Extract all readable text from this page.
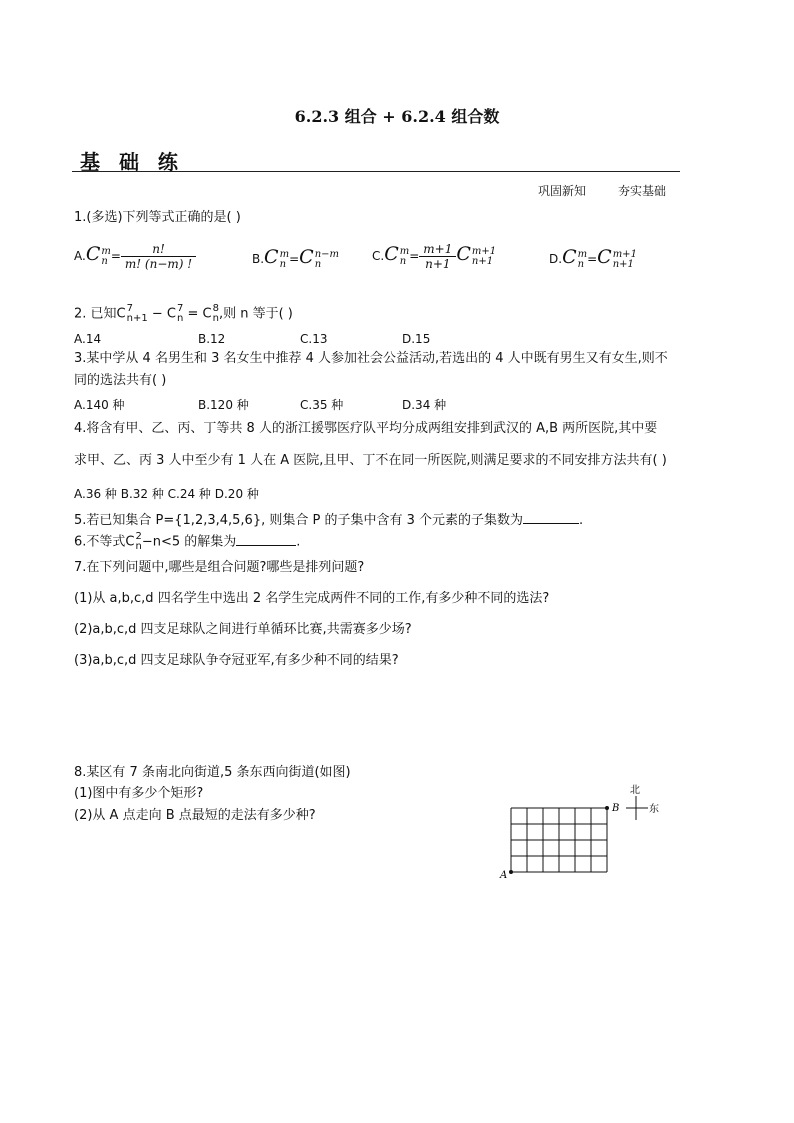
6.2.3 组合 + 6.2.4 组合数
基 础 练
巩固新知	夯实基础
1.(多选)下列等式正确的是( )
A.C m
$n = \frac{n!}{m! (n-m) !}$	B.C m
n =C n−m
n
C.C m
$n = \frac{m+1}{n+1}$ C m+1
n+1	D.C m
n =C m+1
n+1
2. 已知C 7
n+1 − C 7
n = C 8
n ,则 n 等于( )
A.14	B.12	C.13	D.15
3.某中学从 4 名男生和 3 名女生中推荐 4 人参加社会公益活动,若选出的 4 人中既有男生又有女生,则不
同的选法共有( )
A.140 种	B.120 种	C.35 种	D.34 种
4.将含有甲、乙、丙、丁等共 8 人的浙江援鄂医疗队平均分成两组安排到武汉的 A,B 两所医院,其中要
求甲、乙、丙 3 人中至少有 1 人在 A 医院,且甲、丁不在同一所医院,则满足要求的不同安排方法共有( )
A.36 种 B.32 种 C.24 种 D.20 种
5.若已知集合 P={1,2,3,4,5,6}, 则集合 P 的子集中含有 3 个元素的子集数为	.
6.不等式C 2
n −n<5 的解集为	.
7.在下列问题中,哪些是组合问题?哪些是排列问题?
(1)从 a,b,c,d 四名学生中选出 2 名学生完成两件不同的工作,有多少种不同的选法?
(2)a,b,c,d 四支足球队之间进行单循环比赛,共需赛多少场?
(3)a,b,c,d 四支足球队争夺冠亚军,有多少种不同的结果?
8.某区有 7 条南北向街道,5 条东西向街道(如图)
(1)图中有多少个矩形?
(2)从 A 点走向 B 点最短的走法有多少种?
A
B
北
东
